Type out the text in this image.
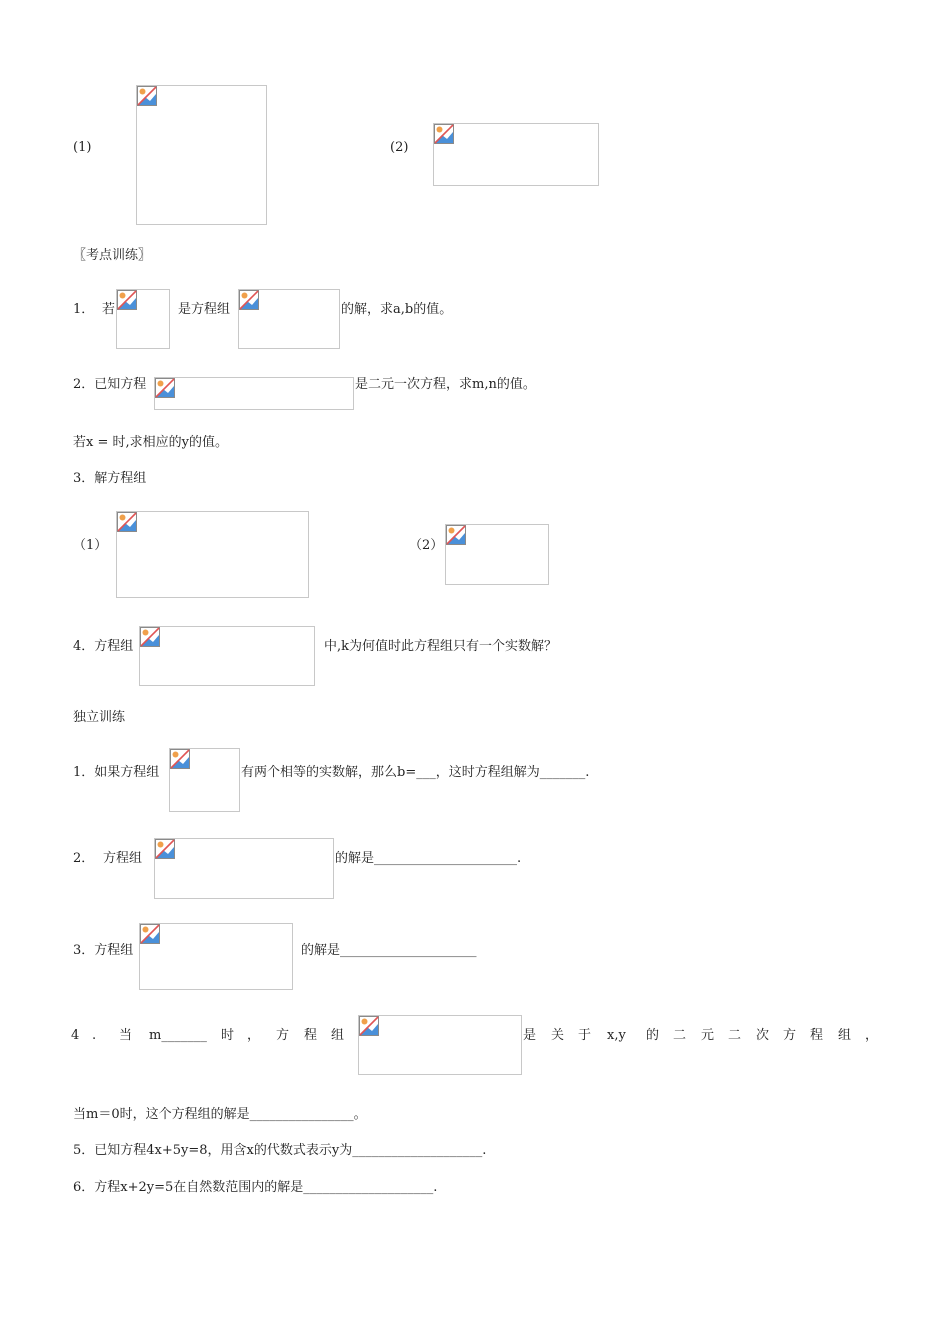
(1)	(2)
〖考点训练〗
1． 若	是方程组	的解，求a,b的值。
2．已知方程	是二元一次方程，求m,n的值。
若x = 时,求相应的y的值。
3．解方程组
（1）	（2）
4．方程组	中,k为何值时此方程组只有一个实数解？
独立训练
1．如果方程组	有两个相等的实数解，那么b=___，这时方程组解为_______.
2． 方程组	的解是______________________.
3．方程组	的解是_____________________
4 . 当 m_______ 时 ， 方 程 组	是 关 于 x,y 的 二 元 二 次 方 程 组 ，
当m＝0时，这个方程组的解是________________。
5．已知方程4x+5y=8，用含x的代数式表示y为____________________.
6．方程x+2y=5在自然数范围内的解是____________________.
